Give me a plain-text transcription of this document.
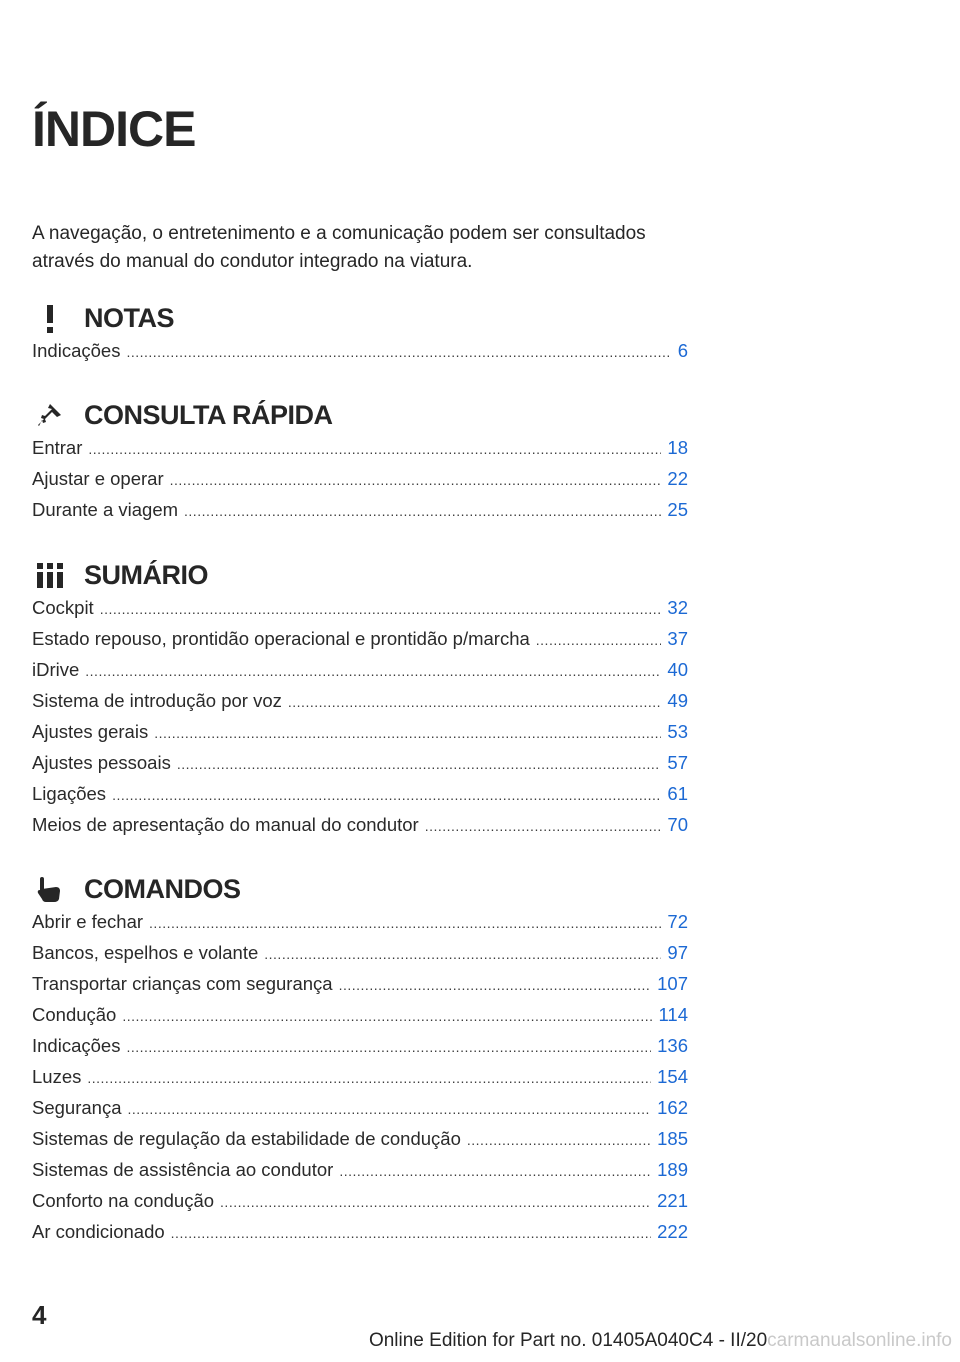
ÍNDICE

A navegação, o entretenimento e a comunicação podem ser consultados através do manual do condutor integrado na viatura.

NOTAS
Indicações .....	6
CONSULTA RÁPIDA
Entrar .....	18
Ajustar e operar .....	22
Durante a viagem .....	25
SUMÁRIO
Cockpit .....	32
Estado repouso, prontidão operacional e prontidão p/marcha .....	37
iDrive .....	40
Sistema de introdução por voz .....	49
Ajustes gerais .....	53
Ajustes pessoais .....	57
Ligações .....	61
Meios de apresentação do manual do condutor .....	70
COMANDOS
Abrir e fechar .....	72
Bancos, espelhos e volante .....	97
Transportar crianças com segurança .....	107
Condução .....	114
Indicações .....	136
Luzes .....	154
Segurança .....	162
Sistemas de regulação da estabilidade de condução .....	185
Sistemas de assistência ao condutor .....	189
Conforto na condução .....	221
Ar condicionado .....	222
4
Online Edition for Part no. 01405A040C4 - II/20carmanualsonline.info
